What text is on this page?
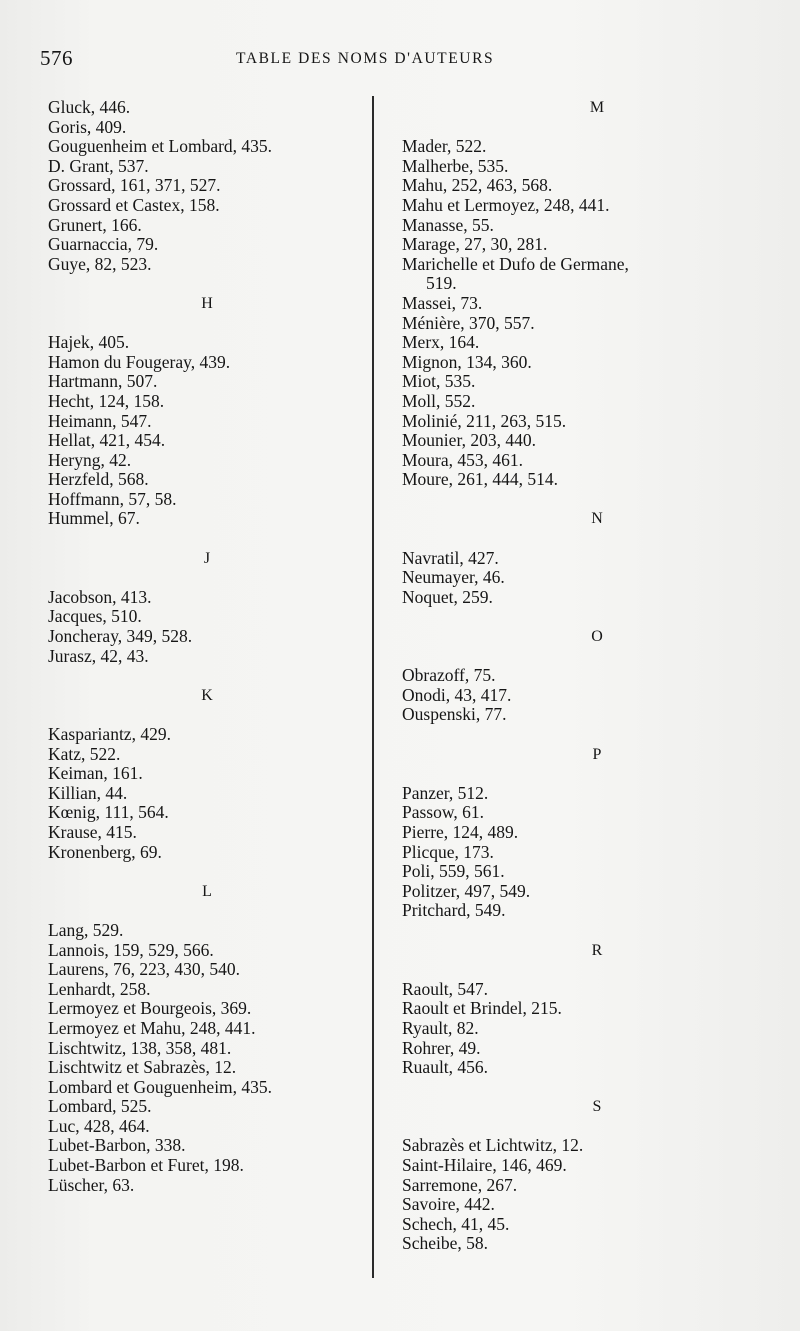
576	TABLE DES NOMS D'AUTEURS
Gluck, 446.
Goris, 409.
Gouguenheim et Lombard, 435.
D. Grant, 537.
Grossard, 161, 371, 527.
Grossard et Castex, 158.
Grunert, 166.
Guarnaccia, 79.
Guye, 82, 523.
H
Hajek, 405.
Hamon du Fougeray, 439.
Hartmann, 507.
Hecht, 124, 158.
Heimann, 547.
Hellat, 421, 454.
Heryng, 42.
Herzfeld, 568.
Hoffmann, 57, 58.
Hummel, 67.
J
Jacobson, 413.
Jacques, 510.
Joncheray, 349, 528.
Jurasz, 42, 43.
K
Kaspariantz, 429.
Katz, 522.
Keiman, 161.
Killian, 44.
Kœnig, 111, 564.
Krause, 415.
Kronenberg, 69.
L
Lang, 529.
Lannois, 159, 529, 566.
Laurens, 76, 223, 430, 540.
Lenhardt, 258.
Lermoyez et Bourgeois, 369.
Lermoyez et Mahu, 248, 441.
Lischtwitz, 138, 358, 481.
Lischtwitz et Sabrazès, 12.
Lombard et Gouguenheim, 435.
Lombard, 525.
Luc, 428, 464.
Lubet-Barbon, 338.
Lubet-Barbon et Furet, 198.
Lüscher, 63.
M
Mader, 522.
Malherbe, 535.
Mahu, 252, 463, 568.
Mahu et Lermoyez, 248, 441.
Manasse, 55.
Marage, 27, 30, 281.
Marichelle et Dufo de Germane,
519.
Massei, 73.
Ménière, 370, 557.
Merx, 164.
Mignon, 134, 360.
Miot, 535.
Moll, 552.
Molinié, 211, 263, 515.
Mounier, 203, 440.
Moura, 453, 461.
Moure, 261, 444, 514.
N
Navratil, 427.
Neumayer, 46.
Noquet, 259.
O
Obrazoff, 75.
Onodi, 43, 417.
Ouspenski, 77.
P
Panzer, 512.
Passow, 61.
Pierre, 124, 489.
Plicque, 173.
Poli, 559, 561.
Politzer, 497, 549.
Pritchard, 549.
R
Raoult, 547.
Raoult et Brindel, 215.
Ryault, 82.
Rohrer, 49.
Ruault, 456.
S
Sabrazès et Lichtwitz, 12.
Saint-Hilaire, 146, 469.
Sarremone, 267.
Savoire, 442.
Schech, 41, 45.
Scheibe, 58.
